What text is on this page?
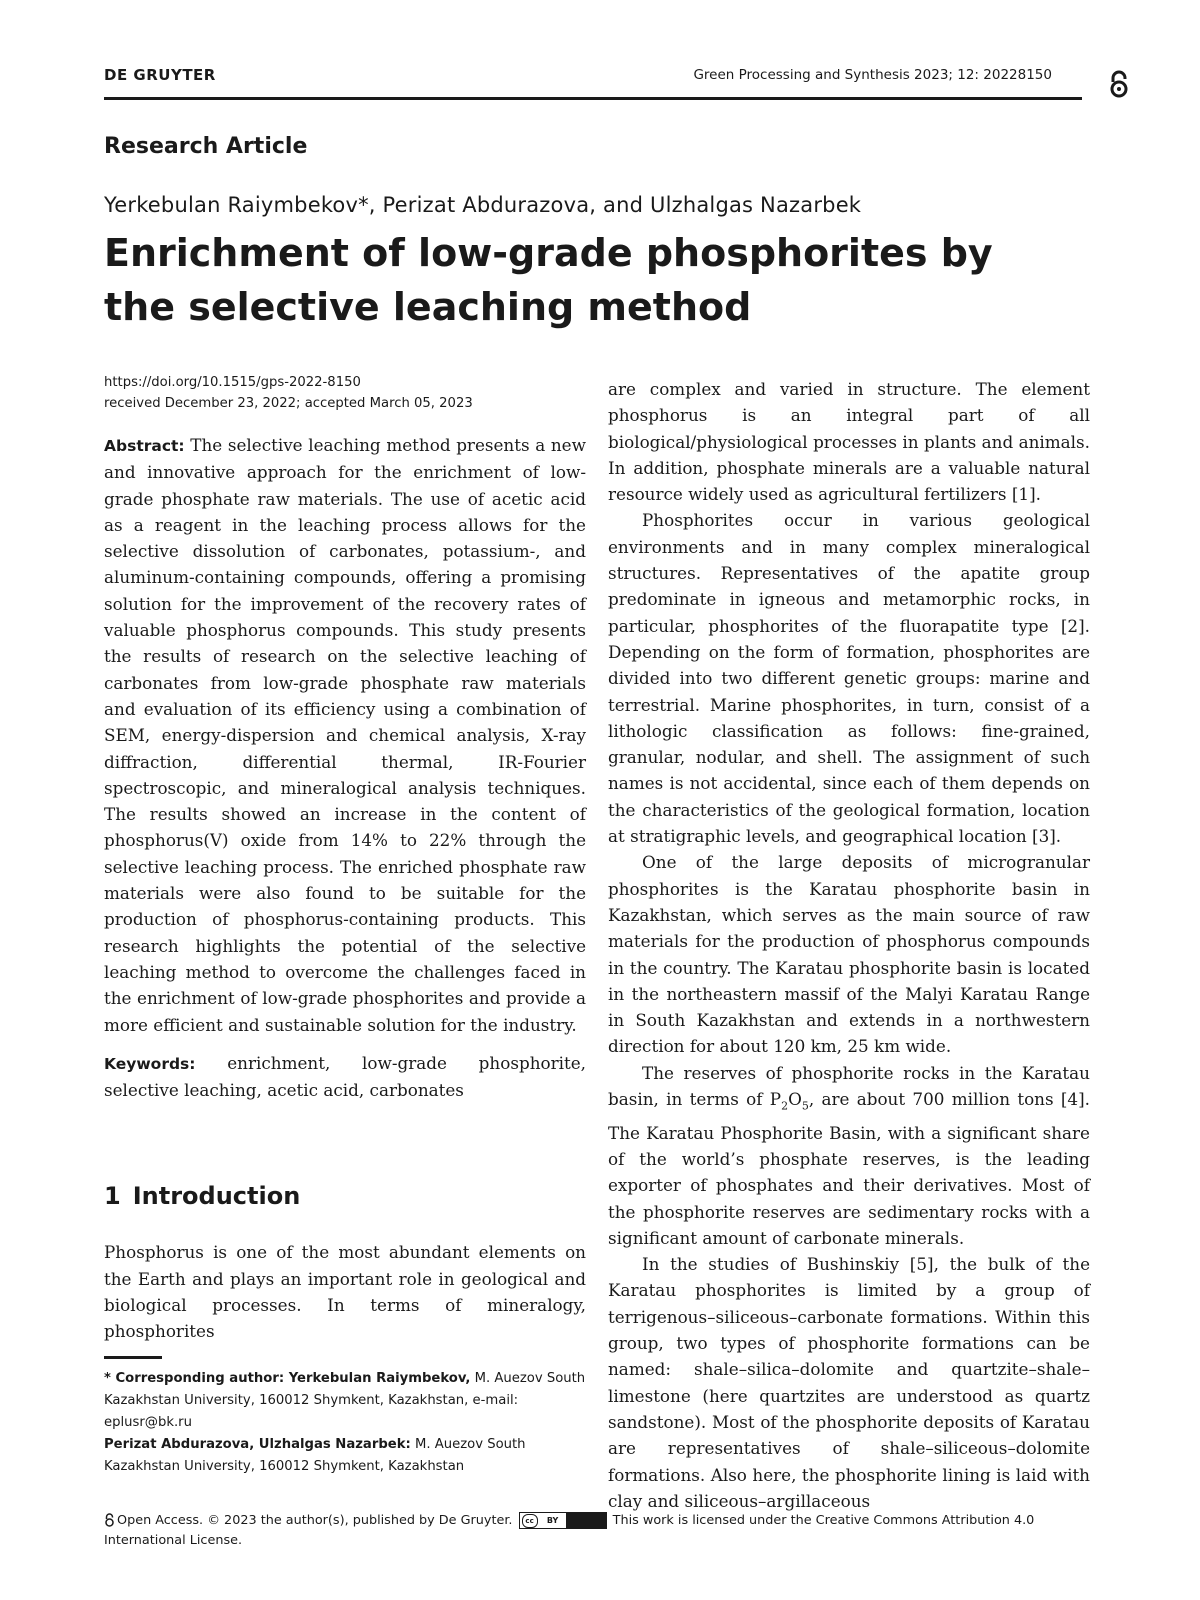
DE GRUYTER	Green Processing and Synthesis 2023; 12: 20228150
Research Article
Yerkebulan Raiymbekov*, Perizat Abdurazova, and Ulzhalgas Nazarbek
Enrichment of low-grade phosphorites by the selective leaching method
https://doi.org/10.1515/gps-2022-8150
received December 23, 2022; accepted March 05, 2023
Abstract: The selective leaching method presents a new and innovative approach for the enrichment of low-grade phosphate raw materials. The use of acetic acid as a reagent in the leaching process allows for the selective dissolution of carbonates, potassium-, and aluminum-containing compounds, offering a promising solution for the improvement of the recovery rates of valuable phosphorus compounds. This study presents the results of research on the selective leaching of carbonates from low-grade phosphate raw materials and evaluation of its efficiency using a combination of SEM, energy-dispersion and chemical analysis, X-ray diffraction, differential thermal, IR-Fourier spectroscopic, and mineralogical analysis techniques. The results showed an increase in the content of phosphorus(V) oxide from 14% to 22% through the selective leaching process. The enriched phosphate raw materials were also found to be suitable for the production of phosphorus-containing products. This research highlights the potential of the selective leaching method to overcome the challenges faced in the enrichment of low-grade phosphorites and provide a more efficient and sustainable solution for the industry.
Keywords: enrichment, low-grade phosphorite, selective leaching, acetic acid, carbonates
1 Introduction
Phosphorus is one of the most abundant elements on the Earth and plays an important role in geological and biological processes. In terms of mineralogy, phosphorites

* Corresponding author: Yerkebulan Raiymbekov, M. Auezov South Kazakhstan University, 160012 Shymkent, Kazakhstan, e-mail: eplusr@bk.ru

Perizat Abdurazova, Ulzhalgas Nazarbek: M. Auezov South Kazakhstan University, 160012 Shymkent, Kazakhstan

are complex and varied in structure. The element phosphorus is an integral part of all biological/physiological processes in plants and animals. In addition, phosphate minerals are a valuable natural resource widely used as agricultural fertilizers [1].

Phosphorites occur in various geological environments and in many complex mineralogical structures. Representatives of the apatite group predominate in igneous and metamorphic rocks, in particular, phosphorites of the fluorapatite type [2]. Depending on the form of formation, phosphorites are divided into two different genetic groups: marine and terrestrial. Marine phosphorites, in turn, consist of a lithologic classification as follows: fine-grained, granular, nodular, and shell. The assignment of such names is not accidental, since each of them depends on the characteristics of the geological formation, location at stratigraphic levels, and geographical location [3].

One of the large deposits of microgranular phosphorites is the Karatau phosphorite basin in Kazakhstan, which serves as the main source of raw materials for the production of phosphorus compounds in the country. The Karatau phosphorite basin is located in the northeastern massif of the Malyi Karatau Range in South Kazakhstan and extends in a northwestern direction for about 120 km, 25 km wide.

The reserves of phosphorite rocks in the Karatau basin, in terms of $P_2O_5$, are about 700 million tons [4]. The Karatau Phosphorite Basin, with a significant share of the world’s phosphate reserves, is the leading exporter of phosphates and their derivatives. Most of the phosphorite reserves are sedimentary rocks with a significant amount of carbonate minerals.

In the studies of Bushinskiy [5], the bulk of the Karatau phosphorites is limited by a group of terrigenous–siliceous–carbonate formations. Within this group, two types of phosphorite formations can be named: shale–silica–dolomite and quartzite–shale–limestone (here quartzites are understood as quartz sandstone). Most of the phosphorite deposits of Karatau are representatives of shale–siliceous–dolomite formations. Also here, the phosphorite lining is laid with clay and siliceous–argillaceous

Open Access. © 2023 the author(s), published by De Gruyter.	cc	BY	This work is licensed under the Creative Commons Attribution 4.0 International License.
